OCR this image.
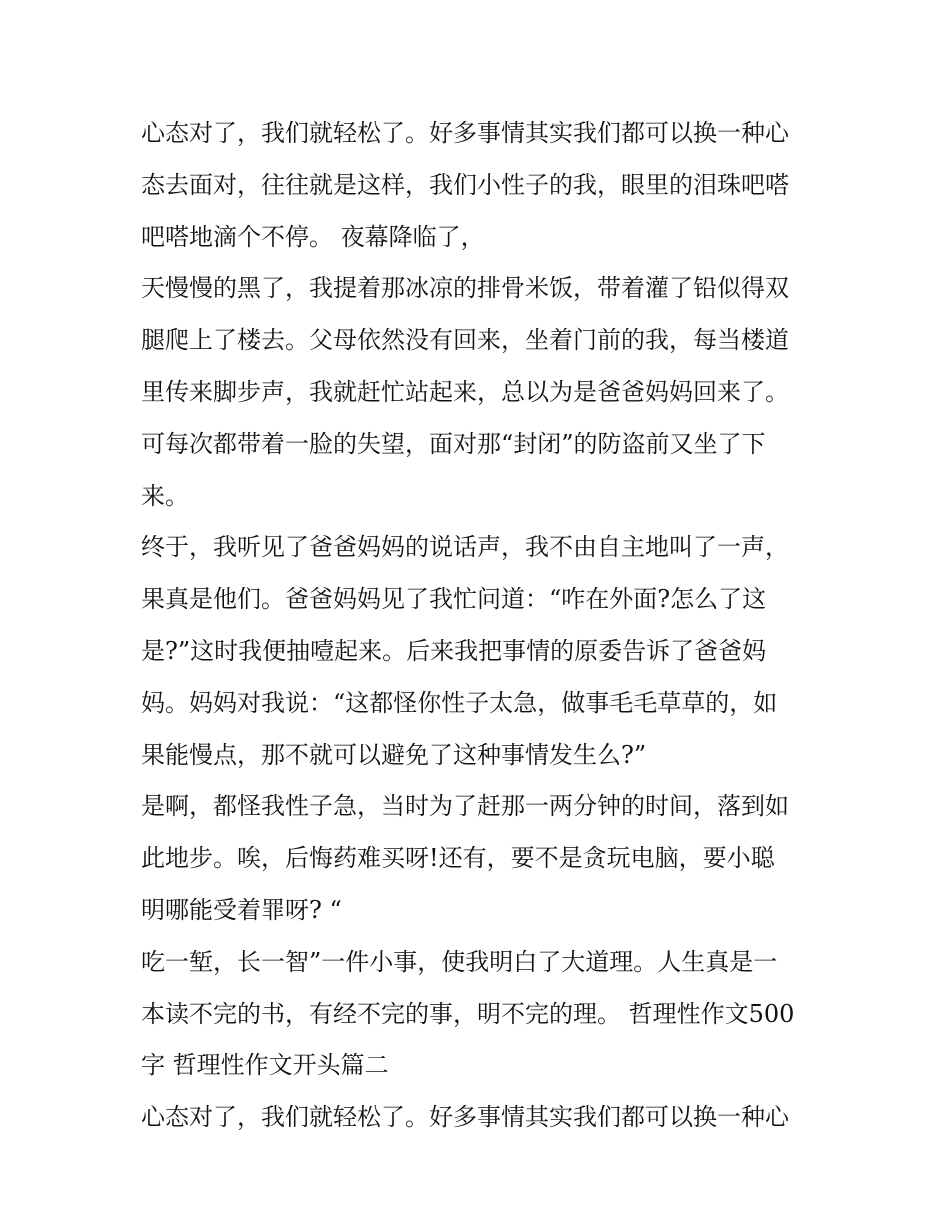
心态对了，我们就轻松了。好多事情其实我们都可以换一种心
态去面对，往往就是这样，我们小性子的我，眼里的泪珠吧嗒
吧嗒地滴个不停。 夜幕降临了，
天慢慢的黑了，我提着那冰凉的排骨米饭，带着灌了铅似得双
腿爬上了楼去。父母依然没有回来，坐着门前的我，每当楼道
里传来脚步声，我就赶忙站起来，总以为是爸爸妈妈回来了。
可每次都带着一脸的失望，面对那“封闭”的防盗前又坐了下
来。
终于，我听见了爸爸妈妈的说话声，我不由自主地叫了一声，
果真是他们。爸爸妈妈见了我忙问道：“咋在外面?怎么了这
是?”这时我便抽噎起来。后来我把事情的原委告诉了爸爸妈
妈。妈妈对我说：“这都怪你性子太急，做事毛毛草草的，如
果能慢点，那不就可以避免了这种事情发生么?”
是啊，都怪我性子急，当时为了赶那一两分钟的时间，落到如
此地步。唉，后悔药难买呀!还有，要不是贪玩电脑，要小聪
明哪能受着罪呀? “
吃一堑，长一智”一件小事，使我明白了大道理。人生真是一
本读不完的书，有经不完的事，明不完的理。 哲理性作文500
字 哲理性作文开头篇二
心态对了，我们就轻松了。好多事情其实我们都可以换一种心
